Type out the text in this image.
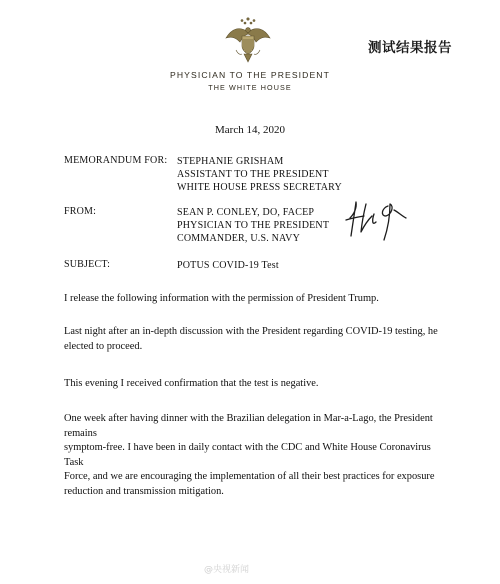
测试结果报告
PHYSICIAN TO THE PRESIDENT
THE WHITE HOUSE
March 14, 2020
MEMORANDUM FOR: STEPHANIE GRISHAM
ASSISTANT TO THE PRESIDENT
WHITE HOUSE PRESS SECRETARY
FROM:	SEAN P. CONLEY, DO, FACEP
PHYSICIAN TO THE PRESIDENT
COMMANDER, U.S. NAVY
SUBJECT:	POTUS COVID-19 Test
I release the following information with the permission of President Trump.
Last night after an in-depth discussion with the President regarding COVID-19 testing, he
elected to proceed.
This evening I received confirmation that the test is negative.
One week after having dinner with the Brazilian delegation in Mar-a-Lago, the President remains
symptom-free. I have been in daily contact with the CDC and White House Coronavirus Task
Force, and we are encouraging the implementation of all their best practices for exposure
reduction and transmission mitigation.
@央视新闻
